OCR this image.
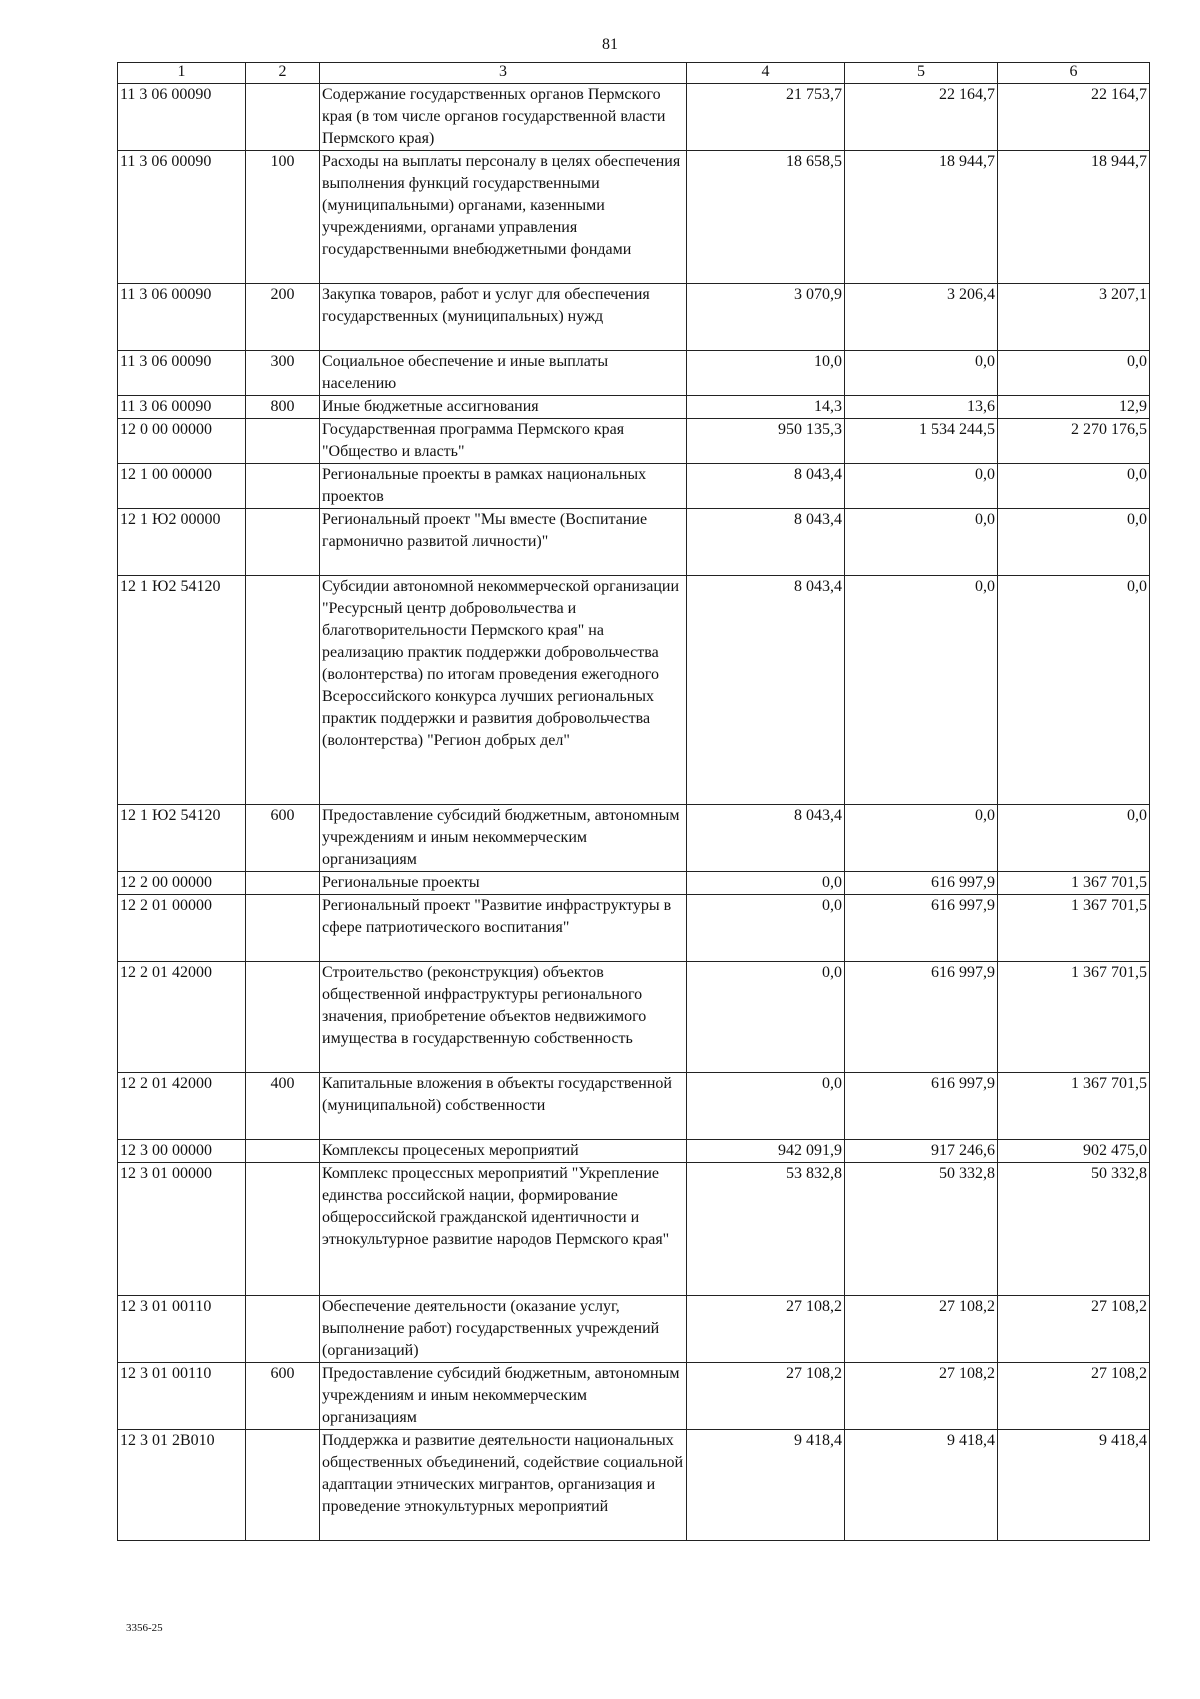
81
1	2	3	4	5	6
11 3 06 00090		Содержание государственных органов Пермского края (в том числе органов государственной власти Пермского края)	21 753,7	22 164,7	22 164,7
11 3 06 00090	100	Расходы на выплаты персоналу в целях обеспечения выполнения функций государственными (муниципальными) органами, казенными учреждениями, органами управления государственными внебюджетными фондами	18 658,5	18 944,7	18 944,7
11 3 06 00090	200	Закупка товаров, работ и услуг для обеспечения государственных (муниципальных) нужд	3 070,9	3 206,4	3 207,1
11 3 06 00090	300	Социальное обеспечение и иные выплаты населению	10,0	0,0	0,0
11 3 06 00090	800	Иные бюджетные ассигнования	14,3	13,6	12,9
12 0 00 00000		Государственная программа Пермского края "Общество и власть"	950 135,3	1 534 244,5	2 270 176,5
12 1 00 00000		Региональные проекты в рамках национальных проектов	8 043,4	0,0	0,0
12 1 Ю2 00000		Региональный проект "Мы вместе (Воспитание гармонично развитой личности)"	8 043,4	0,0	0,0
12 1 Ю2 54120		Субсидии автономной некоммерческой организации "Ресурсный центр добровольчества и благотворительности Пермского края" на реализацию практик поддержки добровольчества (волонтерства) по итогам проведения ежегодного Всероссийского конкурса лучших региональных практик поддержки и развития добровольчества (волонтерства) "Регион добрых дел"	8 043,4	0,0	0,0
12 1 Ю2 54120	600	Предоставление субсидий бюджетным, автономным учреждениям и иным некоммерческим организациям	8 043,4	0,0	0,0
12 2 00 00000		Региональные проекты	0,0	616 997,9	1 367 701,5
12 2 01 00000		Региональный проект "Развитие инфраструктуры в сфере патриотического воспитания"	0,0	616 997,9	1 367 701,5
12 2 01 42000		Строительство (реконструкция) объектов общественной инфраструктуры регионального значения, приобретение объектов недвижимого имущества в государственную собственность	0,0	616 997,9	1 367 701,5
12 2 01 42000	400	Капитальные вложения в объекты государственной (муниципальной) собственности	0,0	616 997,9	1 367 701,5
12 3 00 00000		Комплексы процесеных мероприятий	942 091,9	917 246,6	902 475,0
12 3 01 00000		Комплекс процессных мероприятий "Укрепление единства российской нации, формирование общероссийской гражданской идентичности и этнокультурное развитие народов Пермского края"	53 832,8	50 332,8	50 332,8
12 3 01 00110		Обеспечение деятельности (оказание услуг, выполнение работ) государственных учреждений (организаций)	27 108,2	27 108,2	27 108,2
12 3 01 00110	600	Предоставление субсидий бюджетным, автономным учреждениям и иным некоммерческим организациям	27 108,2	27 108,2	27 108,2
12 3 01 2В010		Поддержка и развитие деятельности национальных общественных объединений, содействие социальной адаптации этнических мигрантов, организация и проведение этнокультурных мероприятий	9 418,4	9 418,4	9 418,4
3356-25
